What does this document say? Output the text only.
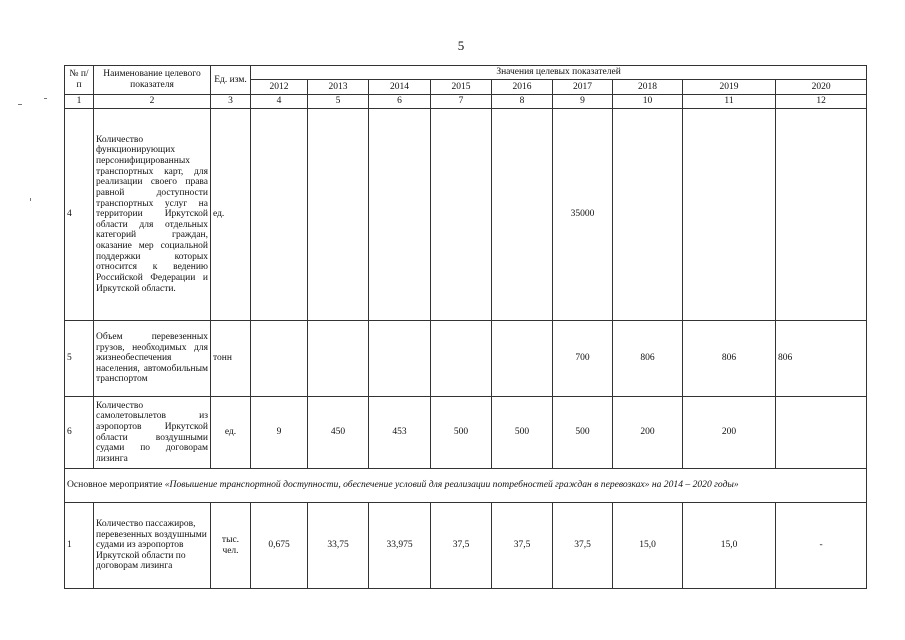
5
№ п/п	Наименование целевого показателя	Ед. изм.	Значения целевых показателей								
			2012	2013	2014	2015	2016	2017	2018	2019	2020
1	2	3	4	5	6	7	8	9	10	11	12
4	Количество функционирующих персонифицированных транспортных карт, для реализации своего права равной доступности транспортных услуг на территории Иркутской области для отдельных категорий граждан, оказание мер социальной поддержки которых относится к ведению Российской Федерации и Иркутской области.	ед.						35000			
5	Объем перевезенных грузов, необходимых для жизнеобеспечения населения, автомобильным транспортом	тонн						700	806	806	806
6	Количество самолетовылетов из аэропортов Иркутской области воздушными судами по договорам лизинга	ед.	9	450	453	500	500	500	200	200	
Основное мероприятие «Повышение транспортной доступности, обеспечение условий для реализации потребностей граждан в перевозках» на 2014 – 2020 годы»											
1	Количество пассажиров, перевезенных воздушными судами из аэропортов Иркутской области по договорам лизинга	тыс. чел.	0,675	33,75	33,975	37,5	37,5	37,5	15,0	15,0	-
